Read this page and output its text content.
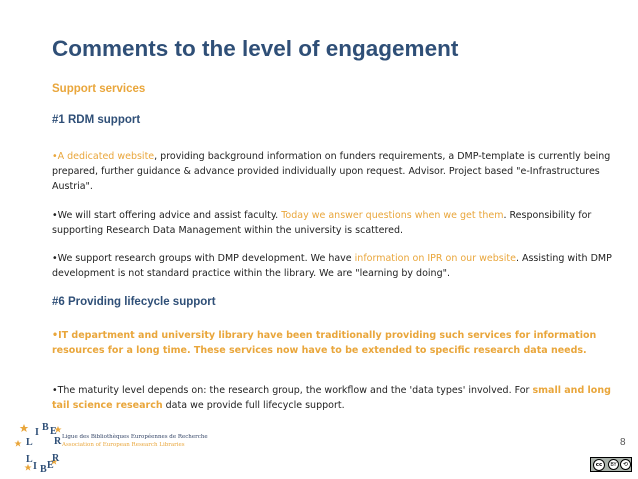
Comments to the level of engagement
Support services
#1 RDM support
•A dedicated website, providing background information on funders requirements, a DMP-template is currently being prepared, further guidance & advance provided individually upon request. Advisor. Project based "e-Infrastructures Austria".
•We will start offering advice and assist faculty. Today we answer questions when we get them. Responsibility for supporting Research Data Management within the university is scattered.
•We support research groups with DMP development. We have information on IPR on our website. Assisting with DMP development is not standard practice within the library. We are "learning by doing".
#6 Providing lifecycle support
•IT department and university library have been traditionally providing such services for information resources for a long time. These services now have to be extended to specific research data needs.
•The maturity level depends on: the research group, the workflow and the 'data types' involved. For small and long tail science research data we provide full lifecycle support.
L
I B E
R
L
I B E
R
Ligue des Bibliothèques Européennes de Recherche
Association of European Research Libraries	8
cc	BY	⟲
